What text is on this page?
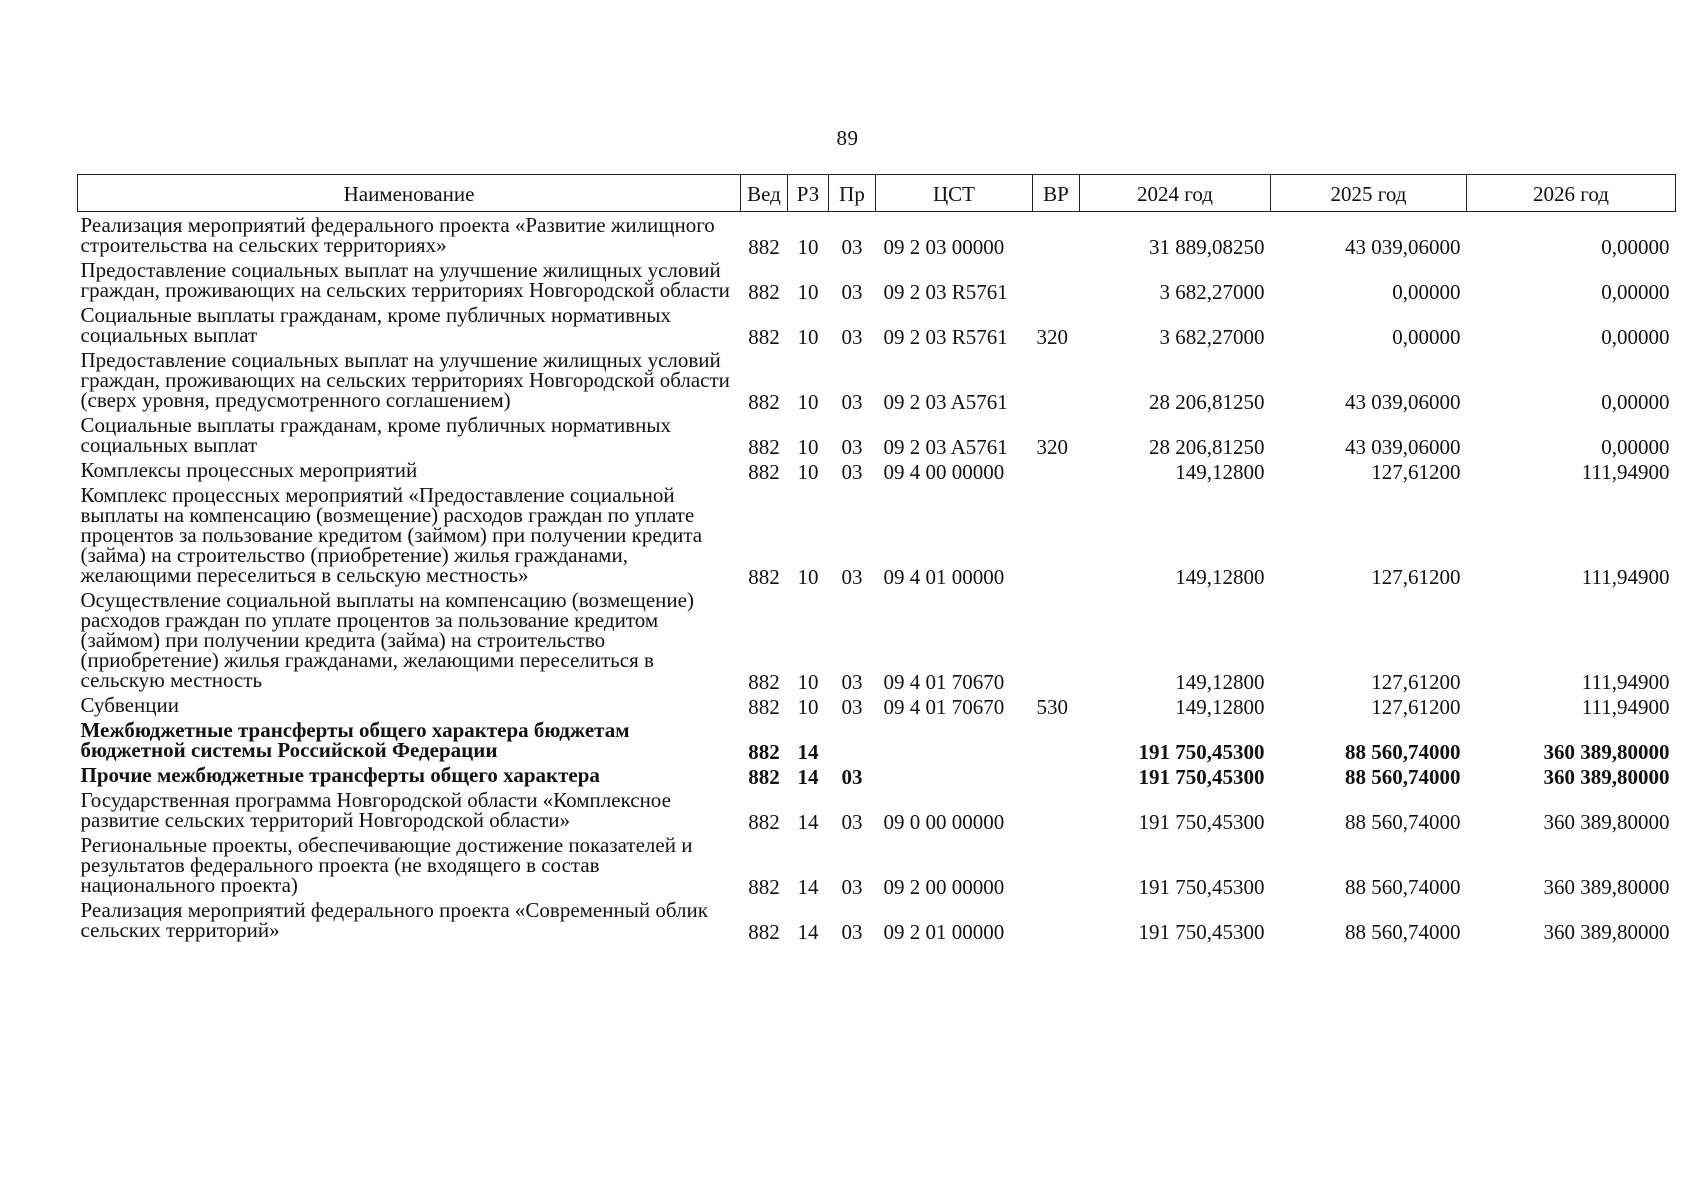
89
Наименование	Вед	РЗ	Пр	ЦСТ	ВР	2024 год	2025 год	2026 год
Реализация мероприятий федерального проекта «Развитие жилищного строительства на сельских территориях»	882	10	03	09 2 03 00000		31 889,08250	43 039,06000	0,00000
Предоставление социальных выплат на улучшение жилищных условий граждан, проживающих на сельских территориях Новгородской области	882	10	03	09 2 03 R5761		3 682,27000	0,00000	0,00000
Социальные выплаты гражданам, кроме публичных нормативных социальных выплат	882	10	03	09 2 03 R5761	320	3 682,27000	0,00000	0,00000
Предоставление социальных выплат на улучшение жилищных условий граждан, проживающих на сельских территориях Новгородской области (сверх уровня, предусмотренного соглашением)	882	10	03	09 2 03 A5761		28 206,81250	43 039,06000	0,00000
Социальные выплаты гражданам, кроме публичных нормативных социальных выплат	882	10	03	09 2 03 A5761	320	28 206,81250	43 039,06000	0,00000
Комплексы процессных мероприятий	882	10	03	09 4 00 00000		149,12800	127,61200	111,94900
Комплекс процессных мероприятий «Предоставление социальной выплаты на компенсацию (возмещение) расходов граждан по уплате процентов за пользование кредитом (займом) при получении кредита (займа) на строительство (приобретение) жилья гражданами, желающими переселиться в сельскую местность»	882	10	03	09 4 01 00000		149,12800	127,61200	111,94900
Осуществление социальной выплаты на компенсацию (возмещение) расходов граждан по уплате процентов за пользование кредитом (займом) при получении кредита (займа) на строительство (приобретение) жилья гражданами, желающими переселиться в сельскую местность	882	10	03	09 4 01 70670		149,12800	127,61200	111,94900
Субвенции	882	10	03	09 4 01 70670	530	149,12800	127,61200	111,94900
Межбюджетные трансферты общего характера бюджетам бюджетной системы Российской Федерации	882	14				191 750,45300	88 560,74000	360 389,80000
Прочие межбюджетные трансферты общего характера	882	14	03			191 750,45300	88 560,74000	360 389,80000
Государственная программа Новгородской области «Комплексное развитие сельских территорий Новгородской области»	882	14	03	09 0 00 00000		191 750,45300	88 560,74000	360 389,80000
Региональные проекты, обеспечивающие достижение показателей и результатов федерального проекта (не входящего в состав национального проекта)	882	14	03	09 2 00 00000		191 750,45300	88 560,74000	360 389,80000
Реализация мероприятий федерального проекта «Современный облик сельских территорий»	882	14	03	09 2 01 00000		191 750,45300	88 560,74000	360 389,80000
